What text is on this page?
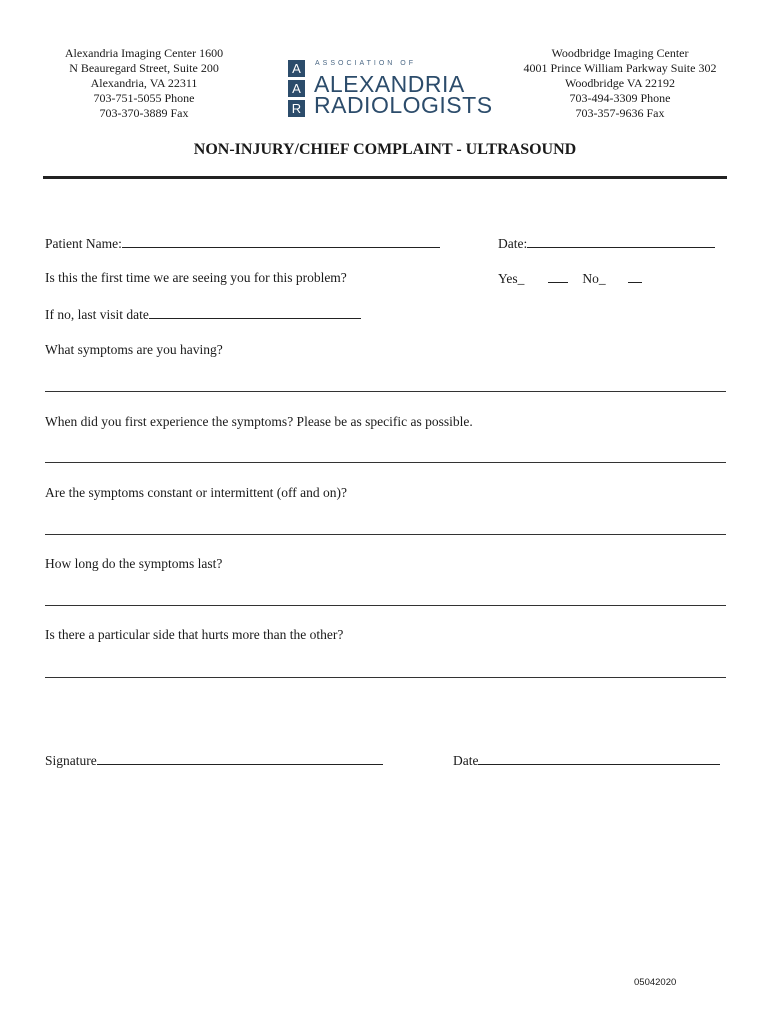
Alexandria Imaging Center 1600
N Beauregard Street, Suite 200
Alexandria, VA 22311
703-751-5055 Phone
703-370-3889 Fax
A
A
R
ASSOCIATION OF
ALEXANDRIA
RADIOLOGISTS
Woodbridge Imaging Center
4001 Prince William Parkway Suite 302
Woodbridge VA 22192
703-494-3309 Phone
703-357-9636 Fax
NON-INJURY/CHIEF COMPLAINT - ULTRASOUND
Patient Name:	Date:
Is this the first time we are seeing you for this problem?	Yes_	No_
If no, last visit date
What symptoms are you having?
When did you first experience the symptoms? Please be as specific as possible.
Are the symptoms constant or intermittent (off and on)?
How long do the symptoms last?
Is there a particular side that hurts more than the other?
Signature	Date
05042020
